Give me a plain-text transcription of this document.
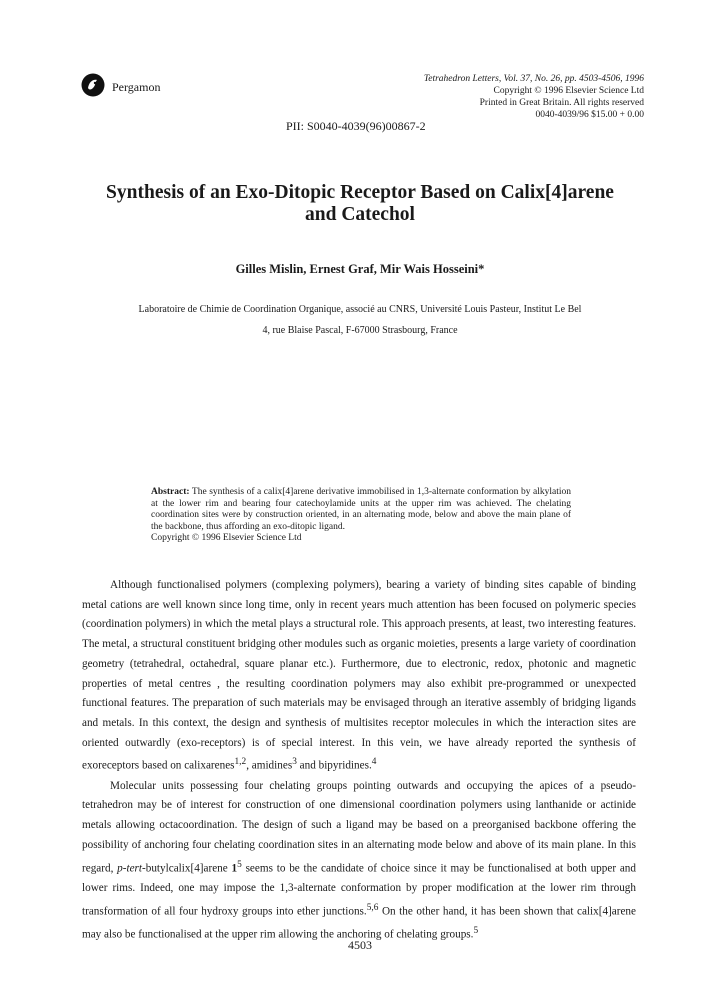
Pergamon
Tetrahedron Letters, Vol. 37, No. 26, pp. 4503-4506, 1996
Copyright © 1996 Elsevier Science Ltd
Printed in Great Britain. All rights reserved
0040-4039/96 $15.00 + 0.00
PII: S0040-4039(96)00867-2
Synthesis of an Exo-Ditopic Receptor Based on Calix[4]arene
and Catechol
Gilles Mislin, Ernest Graf, Mir Wais Hosseini*
Laboratoire de Chimie de Coordination Organique, associé au CNRS, Université Louis Pasteur, Institut Le Bel
4, rue Blaise Pascal, F-67000 Strasbourg, France
Abstract: The synthesis of a calix[4]arene derivative immobilised in 1,3-alternate conformation by alkylation at the lower rim and bearing four catechoylamide units at the upper rim was achieved. The chelating coordination sites were by construction oriented, in an alternating mode, below and above the main plane of the backbone, thus affording an exo-ditopic ligand.
Copyright © 1996 Elsevier Science Ltd

Although functionalised polymers (complexing polymers), bearing a variety of binding sites capable of binding metal cations are well known since long time, only in recent years much attention has been focused on polymeric species (coordination polymers) in which the metal plays a structural role. This approach presents, at least, two interesting features. The metal, a structural constituent bridging other modules such as organic moieties, presents a large variety of coordination geometry (tetrahedral, octahedral, square planar etc.). Furthermore, due to electronic, redox, photonic and magnetic properties of metal centres , the resulting coordination polymers may also exhibit pre-programmed or unexpected functional features. The preparation of such materials may be envisaged through an iterative assembly of bridging ligands and metals. In this context, the design and synthesis of multisites receptor molecules in which the interaction sites are oriented outwardly (exo-receptors) is of special interest. In this vein, we have already reported the synthesis of exoreceptors based on calixarenes$^{1,2}$, amidines$^3$ and bipyridines.$^4$

Molecular units possessing four chelating groups pointing outwards and occupying the apices of a pseudo-tetrahedron may be of interest for construction of one dimensional coordination polymers using lanthanide or actinide metals allowing octacoordination. The design of such a ligand may be based on a preorganised backbone offering the possibility of anchoring four chelating coordination sites in an alternating mode below and above of its main plane. In this regard, p-tert-butylcalix[4]arene $1^5$ seems to be the candidate of choice since it may be functionalised at both upper and lower rims. Indeed, one may impose the 1,3-alternate conformation by proper modification at the lower rim through transformation of all four hydroxy groups into ether junctions.$^{5,6}$ On the other hand, it has been shown that calix[4]arene may also be functionalised at the upper rim allowing the anchoring of chelating groups.$^5$

4503
